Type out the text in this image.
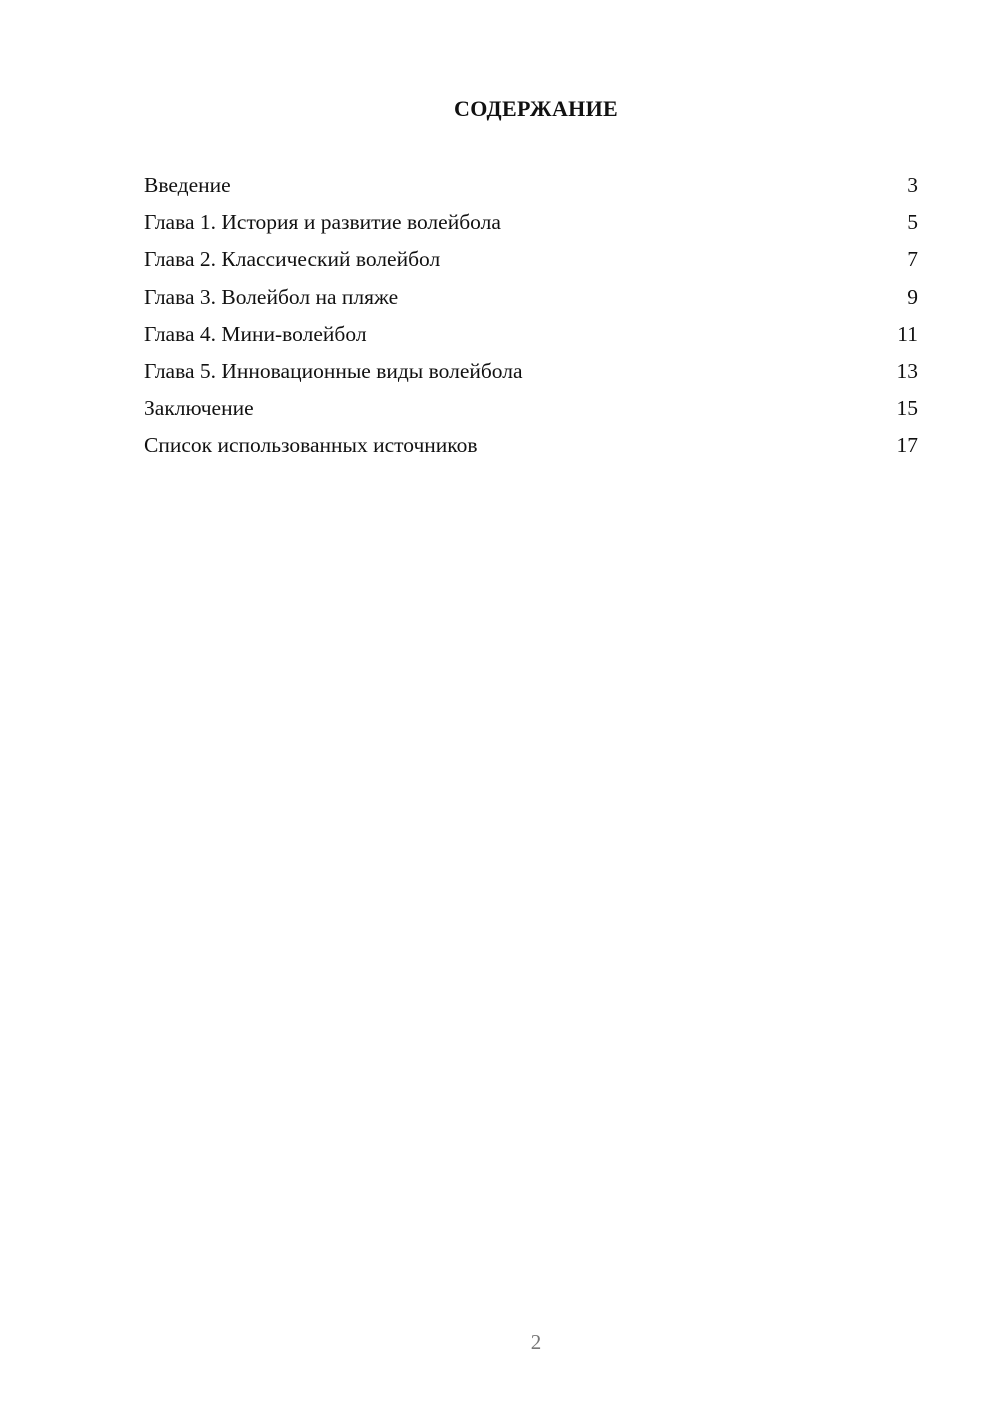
СОДЕРЖАНИЕ
Введение	3
Глава 1. История и развитие волейбола	5
Глава 2. Классический волейбол	7
Глава 3. Волейбол на пляже	9
Глава 4. Мини-волейбол	11
Глава 5. Инновационные виды волейбола	13
Заключение	15
Список использованных источников	17
2
